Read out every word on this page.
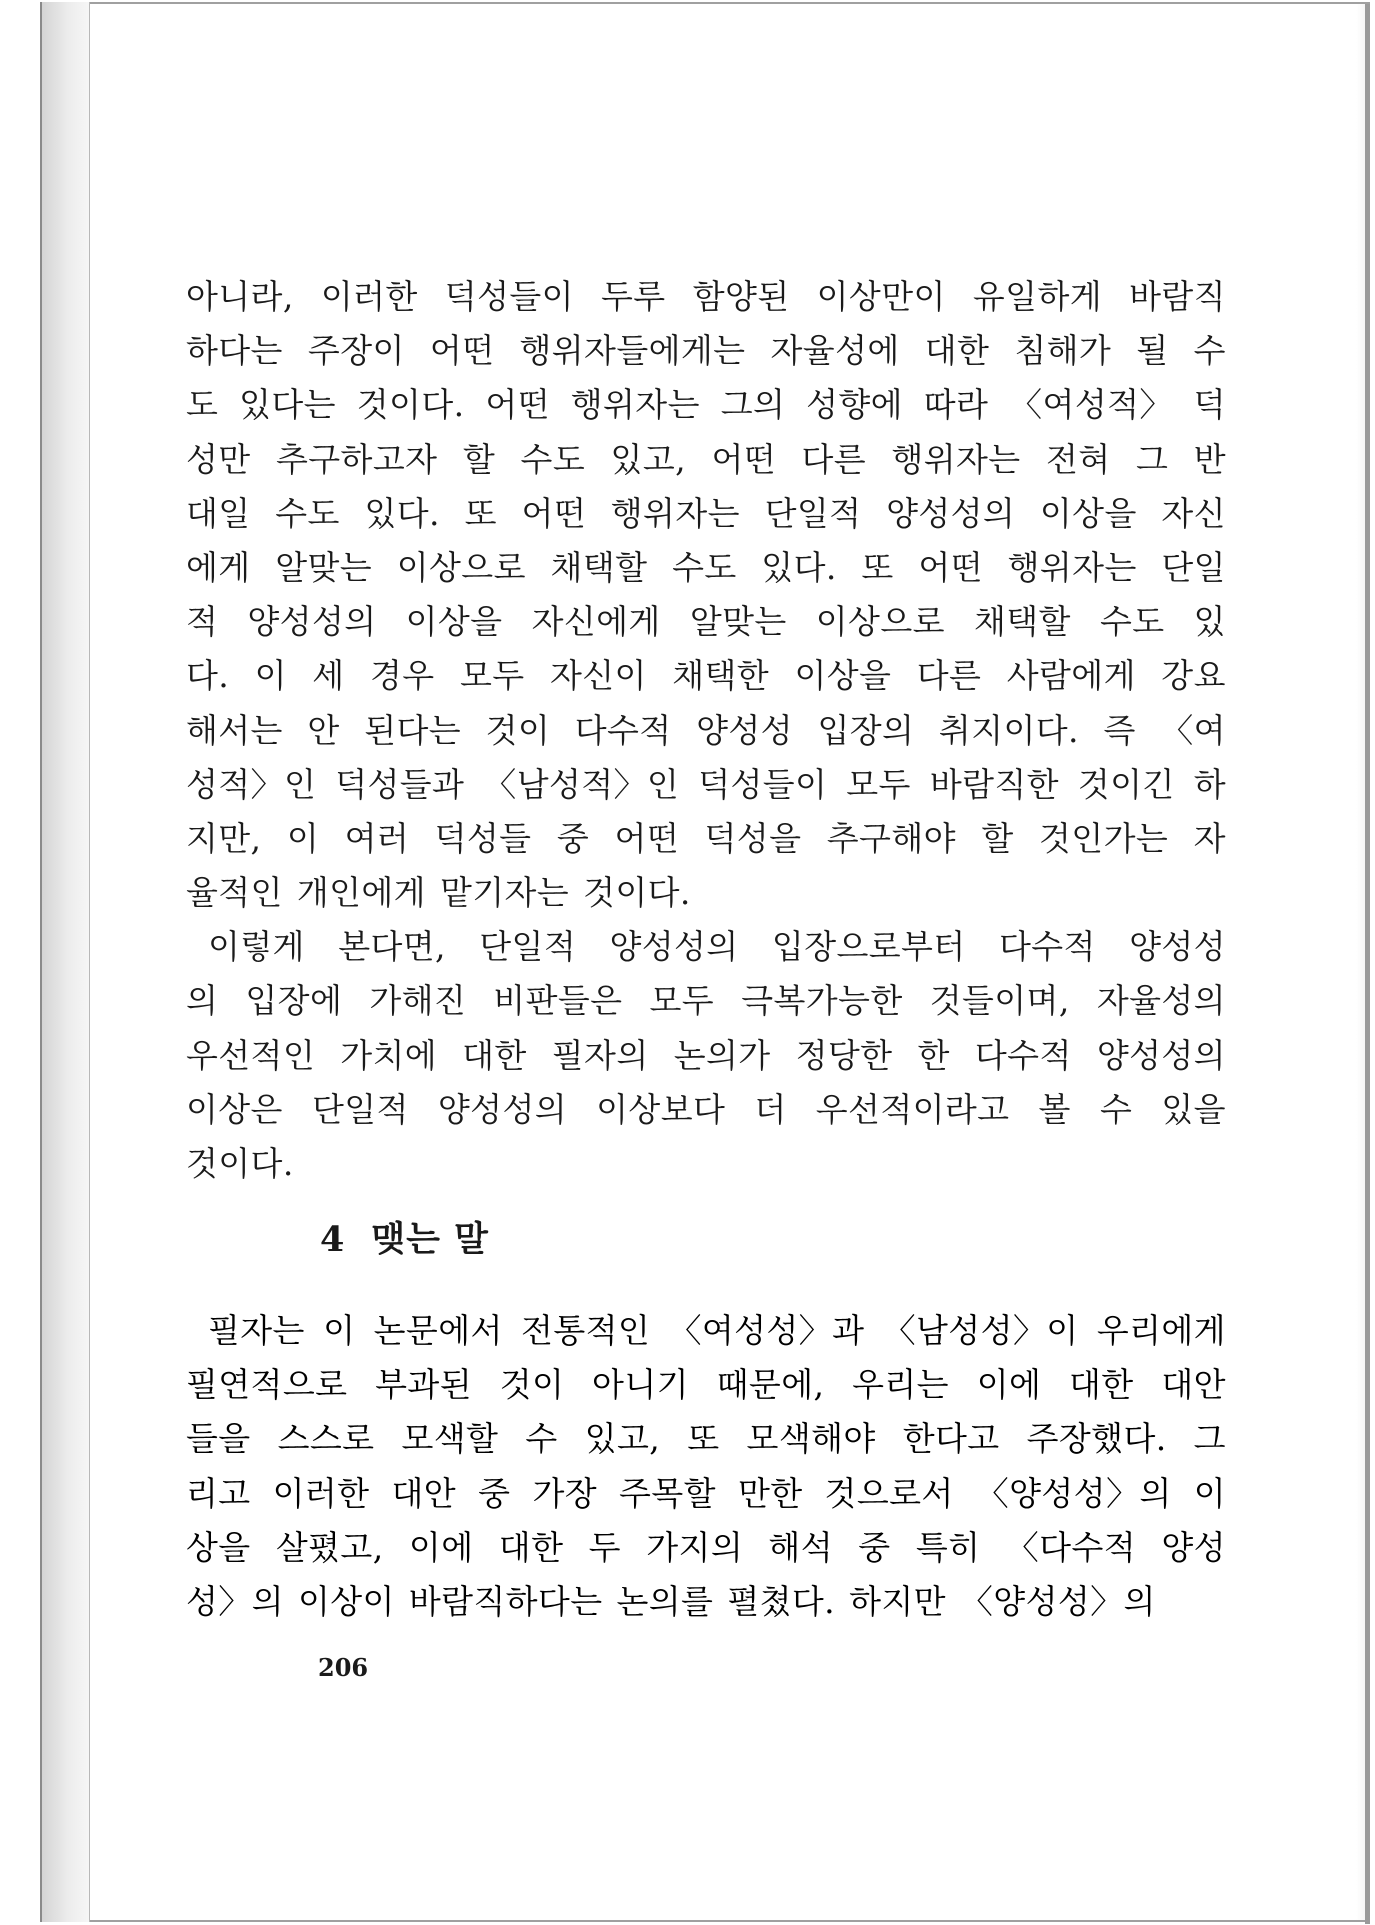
아니라, 이러한 덕성들이 두루 함양된 이상만이 유일하게 바람직
하다는 주장이 어떤 행위자들에게는 자율성에 대한 침해가 될 수
도 있다는 것이다. 어떤 행위자는 그의 성향에 따라 〈여성적〉 덕
성만 추구하고자 할 수도 있고, 어떤 다른 행위자는 전혀 그 반
대일 수도 있다. 또 어떤 행위자는 단일적 양성성의 이상을 자신
에게 알맞는 이상으로 채택할 수도 있다. 또 어떤 행위자는 단일
적 양성성의 이상을 자신에게 알맞는 이상으로 채택할 수도 있
다. 이 세 경우 모두 자신이 채택한 이상을 다른 사람에게 강요
해서는 안 된다는 것이 다수적 양성성 입장의 취지이다. 즉 〈여
성적〉인 덕성들과 〈남성적〉인 덕성들이 모두 바람직한 것이긴 하
지만, 이 여러 덕성들 중 어떤 덕성을 추구해야 할 것인가는 자
율적인 개인에게 맡기자는 것이다.
이렇게 본다면, 단일적 양성성의 입장으로부터 다수적 양성성
의 입장에 가해진 비판들은 모두 극복가능한 것들이며, 자율성의
우선적인 가치에 대한 필자의 논의가 정당한 한 다수적 양성성의
이상은 단일적 양성성의 이상보다 더 우선적이라고 볼 수 있을
것이다.
4 맺는 말
필자는 이 논문에서 전통적인 〈여성성〉과 〈남성성〉이 우리에게
필연적으로 부과된 것이 아니기 때문에, 우리는 이에 대한 대안
들을 스스로 모색할 수 있고, 또 모색해야 한다고 주장했다. 그
리고 이러한 대안 중 가장 주목할 만한 것으로서 〈양성성〉의 이
상을 살폈고, 이에 대한 두 가지의 해석 중 특히 〈다수적 양성
성〉의 이상이 바람직하다는 논의를 펼쳤다. 하지만 〈양성성〉의
206
